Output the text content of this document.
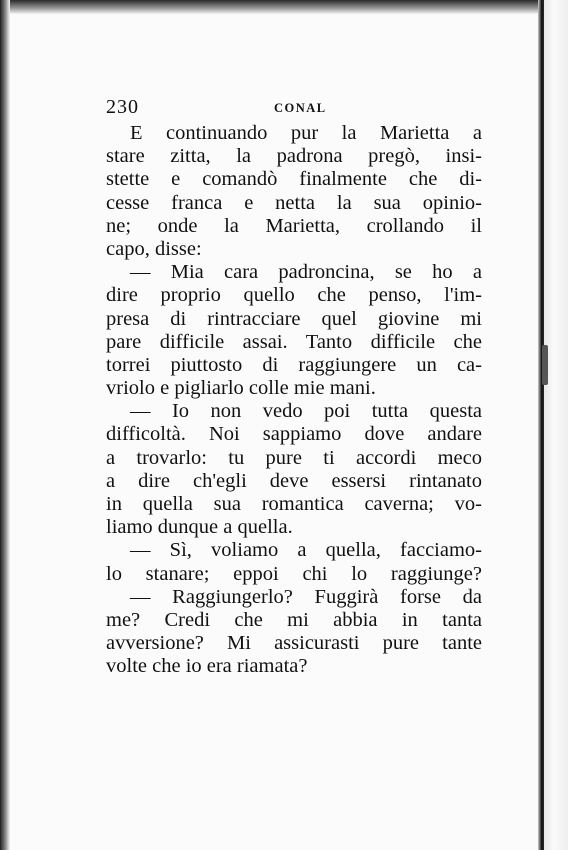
230	CONAL
E continuando pur la Marietta a
stare zitta, la padrona pregò, insi-
stette e comandò finalmente che di-
cesse franca e netta la sua opinio-
ne; onde la Marietta, crollando il
capo, disse:
— Mia cara padroncina, se ho a
dire proprio quello che penso, l'im-
presa di rintracciare quel giovine mi
pare difficile assai. Tanto difficile che
torrei piuttosto di raggiungere un ca-
vriolo e pigliarlo colle mie mani.
— Io non vedo poi tutta questa
difficoltà. Noi sappiamo dove andare
a trovarlo: tu pure ti accordi meco
a dire ch'egli deve essersi rintanato
in quella sua romantica caverna; vo-
liamo dunque a quella.
— Sì, voliamo a quella, facciamo-
lo stanare; eppoi chi lo raggiunge?
— Raggiungerlo? Fuggirà forse da
me? Credi che mi abbia in tanta
avversione? Mi assicurasti pure tante
volte che io era riamata?
